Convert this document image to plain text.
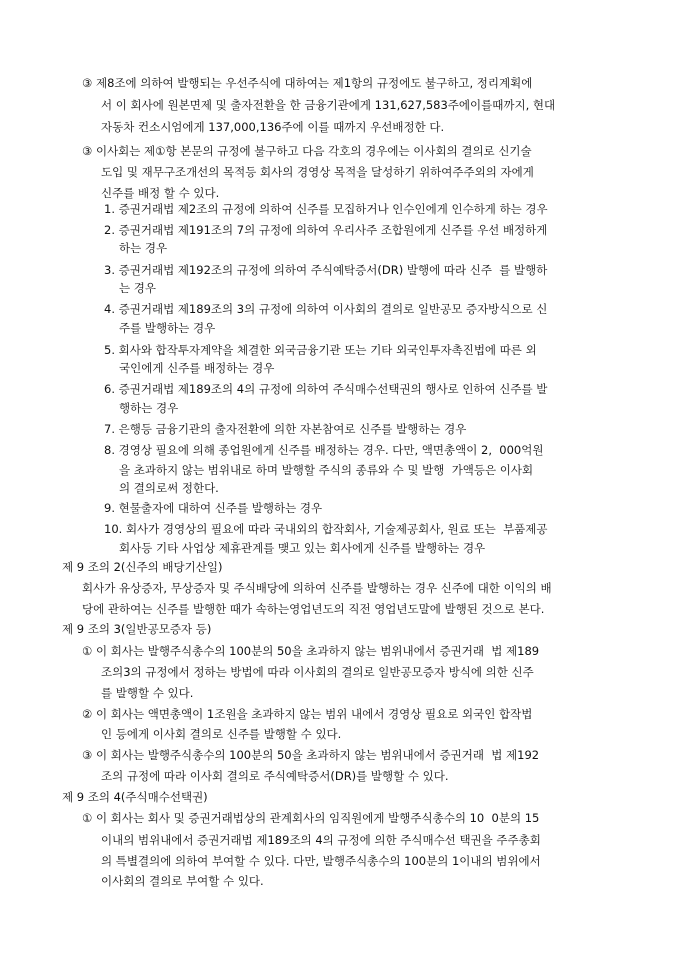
③ 제8조에 의하여 발행되는 우선주식에 대하여는 제1항의 규정에도 불구하고, 정리계획에
서 이 회사에 원본면제 및 출자전환을 한 금융기관에게 131,627,583주에이를때까지, 현대
자동차 컨소시엄에게 137,000,136주에 이를 때까지 우선배정한 다.
③ 이사회는 제①항 본문의 규정에 불구하고 다음 각호의 경우에는 이사회의 결의로 신기술
도입 및 재무구조개선의 목적등 회사의 경영상 목적을 달성하기 위하여주주외의 자에게
신주를 배정 할 수 있다.
1. 증권거래법 제2조의 규정에 의하여 신주를 모집하거나 인수인에게 인수하게 하는 경우
2. 증권거래법 제191조의 7의 규정에 의하여 우리사주 조합원에게 신주를 우선 배정하게
하는 경우
3. 증권거래법 제192조의 규정에 의하여 주식예탁증서(DR) 발행에 따라 신주  를 발행하
는 경우
4. 증권거래법 제189조의 3의 규정에 의하여 이사회의 결의로 일반공모 증자방식으로 신
주를 발행하는 경우
5. 회사와 합작투자계약을 체결한 외국금융기관 또는 기타 외국인투자촉진법에 따른 외
국인에게 신주를 배정하는 경우
6. 증권거래법 제189조의 4의 규정에 의하여 주식매수선택권의 행사로 인하여 신주를 발
행하는 경우
7. 은행등 금융기관의 출자전환에 의한 자본참여로 신주를 발행하는 경우
8. 경영상 필요에 의해 종업원에게 신주를 배정하는 경우. 다만, 액면총액이 2,  000억원
을 초과하지 않는 범위내로 하며 발행할 주식의 종류와 수 및 발행  가액등은 이사회
의 결의로써 정한다.
9. 현물출자에 대하여 신주를 발행하는 경우
10. 회사가 경영상의 필요에 따라 국내외의 합작회사, 기술제공회사, 원료 또는  부품제공
회사등 기타 사업상 제휴관계를 맺고 있는 회사에게 신주를 발행하는 경우
제 9 조의 2(신주의 배당기산일)
회사가 유상증자, 무상증자 및 주식배당에 의하여 신주를 발행하는 경우 신주에 대한 이익의 배
당에 관하여는 신주를 발행한 때가 속하는영업년도의 직전 영업년도말에 발행된 것으로 본다.
제 9 조의 3(일반공모증자 등)
① 이 회사는 발행주식총수의 100분의 50을 초과하지 않는 범위내에서 증권거래  법 제189
조의3의 규정에서 정하는 방법에 따라 이사회의 결의로 일반공모증자 방식에 의한 신주
를 발행할 수 있다.
② 이 회사는 액면총액이 1조원을 초과하지 않는 범위 내에서 경영상 필요로 외국인 합작법
인 등에게 이사회 결의로 신주를 발행할 수 있다.
③ 이 회사는 발행주식총수의 100분의 50을 초과하지 않는 범위내에서 증권거래  법 제192
조의 규정에 따라 이사회 결의로 주식예탁증서(DR)를 발행할 수 있다.
제 9 조의 4(주식매수선택권)
① 이 회사는 회사 및 증권거래법상의 관계회사의 임직원에게 발행주식총수의 10  0분의 15
이내의 범위내에서 증권거래법 제189조의 4의 규정에 의한 주식매수선 택권을 주주총회
의 특별결의에 의하여 부여할 수 있다. 다만, 발행주식총수의 100분의 1이내의 범위에서
이사회의 결의로 부여할 수 있다.
